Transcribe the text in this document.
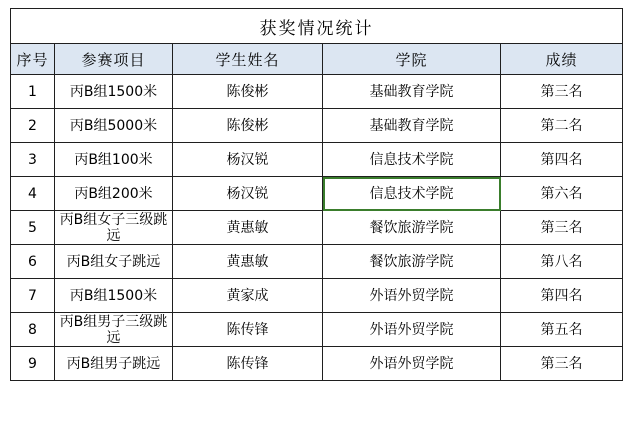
获奖情况统计				
序号	参赛项目	学生姓名	学院	成绩
1	丙B组1500米	陈俊彬	基础教育学院	第三名
2	丙B组5000米	陈俊彬	基础教育学院	第二名
3	丙B组100米	杨汉锐	信息技术学院	第四名
4	丙B组200米	杨汉锐	信息技术学院	第六名
5	丙B组女子三级跳远	黄惠敏	餐饮旅游学院	第三名
6	丙B组女子跳远	黄惠敏	餐饮旅游学院	第八名
7	丙B组1500米	黄家成	外语外贸学院	第四名
8	丙B组男子三级跳远	陈传锋	外语外贸学院	第五名
9	丙B组男子跳远	陈传锋	外语外贸学院	第三名
